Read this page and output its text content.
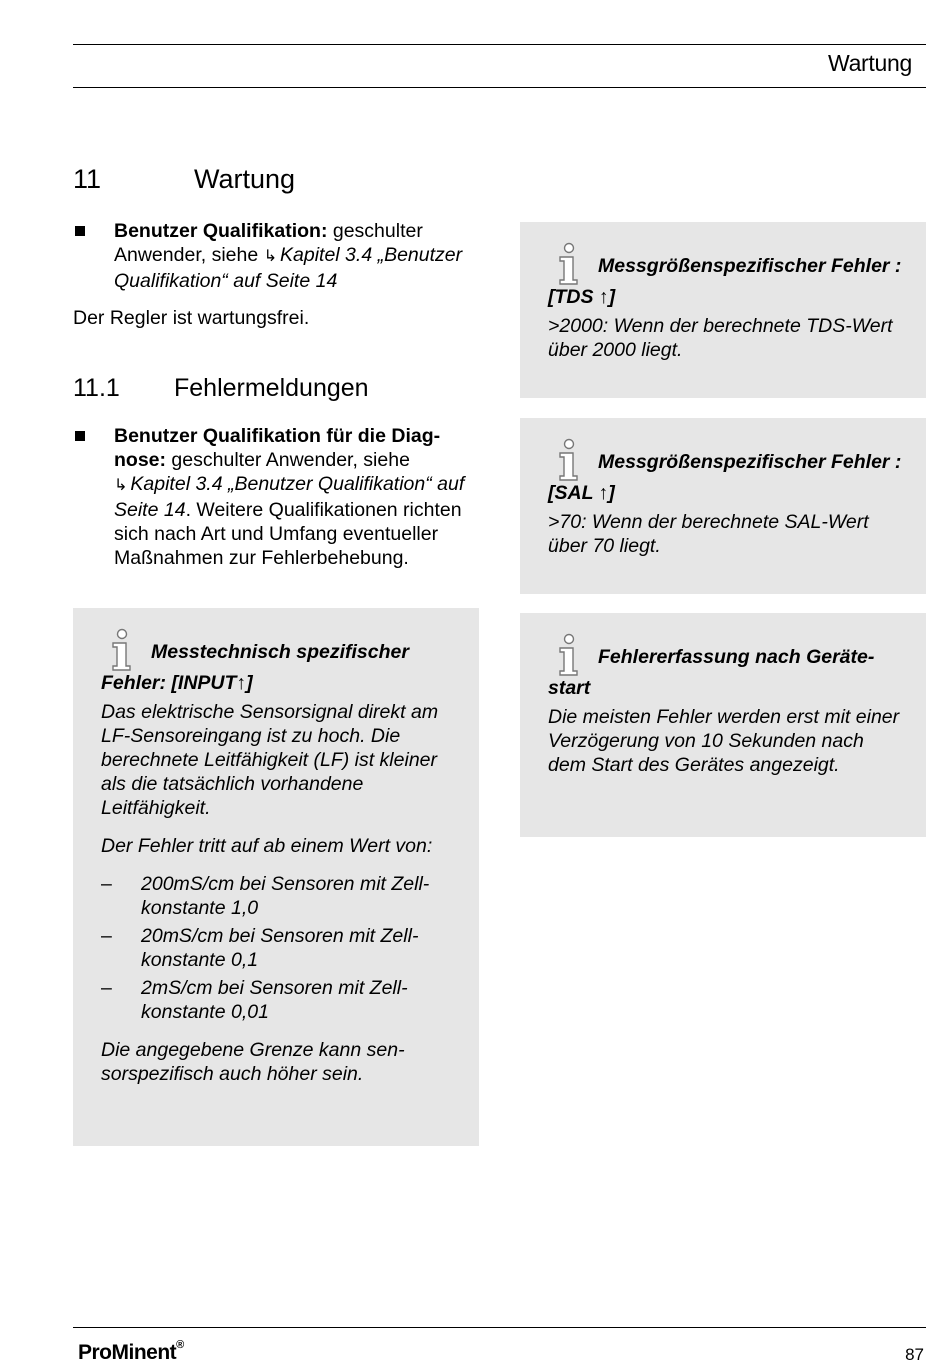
Wartung
11	Wartung
Benutzer Qualifikation: geschulter Anwender, siehe ↳ Kapitel 3.4 „Benutzer Qualifikation“ auf Seite 14
Der Regler ist wartungsfrei.
11.1 Fehlermeldungen
Benutzer Qualifikation für die Diagnose: geschulter Anwender, siehe ↳ Kapitel 3.4 „Benutzer Qualifikation“ auf Seite 14. Weitere Qualifikationen richten sich nach Art und Umfang eventueller Maßnahmen zur Fehlerbehebung.
Messtechnisch spezifischer
Fehler: [INPUT↑]

Das elektrische Sensorsignal direkt am LF-Sensoreingang ist zu hoch. Die berechnete Leitfähigkeit (LF) ist kleiner als die tatsächlich vorhandene Leitfähigkeit.

Der Fehler tritt auf ab einem Wert von:

– 200mS/cm bei Sensoren mit Zellkonstante 1,0
– 20mS/cm bei Sensoren mit Zellkonstante 0,1
– 2mS/cm bei Sensoren mit Zellkonstante 0,01

Die angegebene Grenze kann sensorspezifisch auch höher sein.

Messgrößenspezifischer Fehler :
[TDS ↑]

>2000: Wenn der berechnete TDS-Wert über 2000 liegt.

Messgrößenspezifischer Fehler :
[SAL ↑]

>70: Wenn der berechnete SAL-Wert über 70 liegt.

Fehlererfassung nach Geräte-
start

Die meisten Fehler werden erst mit einer Verzögerung von 10 Sekunden nach dem Start des Gerätes angezeigt.

ProMinent®	87
